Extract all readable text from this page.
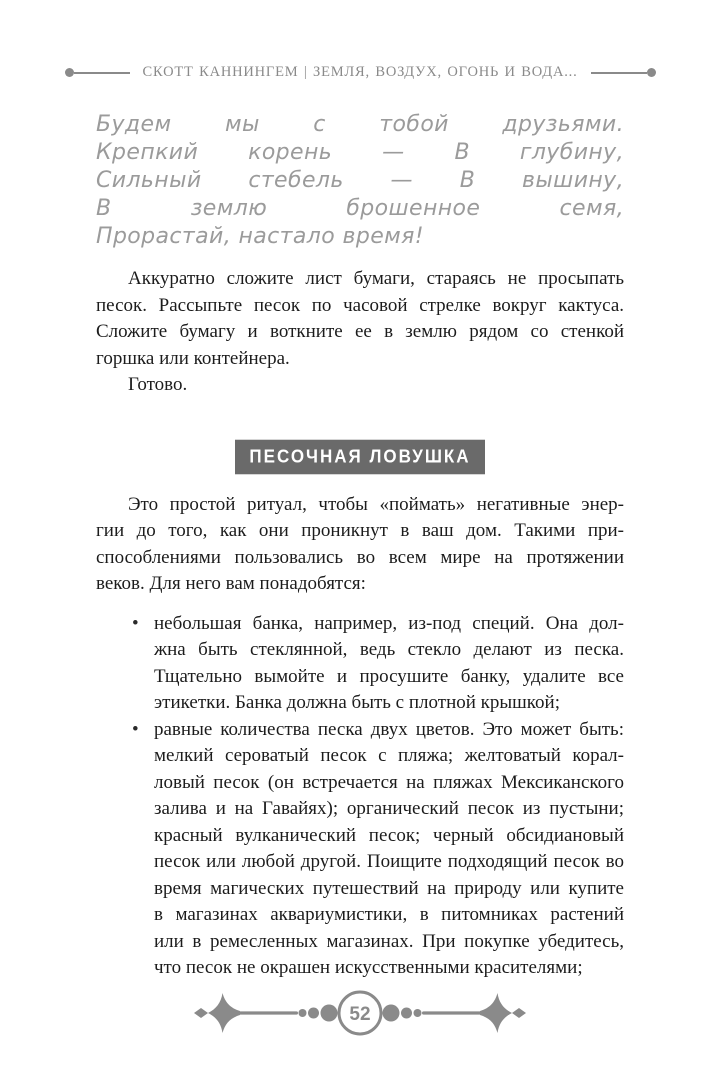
СКОТТ КАННИНГЕМ | ЗЕМЛЯ, ВОЗДУХ, ОГОНЬ И ВОДА...
Будем мы с тобой друзьями.
Крепкий корень — В глубину,
Сильный стебель — В вышину,
В землю брошенное семя,
Прорастай, настало время!
Аккуратно сложите лист бумаги, стараясь не просыпать
песок. Рассыпьте песок по часовой стрелке вокруг кактуса.
Сложите бумагу и воткните ее в землю рядом со стенкой
горшка или контейнера.
Готово.
ПЕСОЧНАЯ ЛОВУШКА
Это простой ритуал, чтобы «поймать» негативные энер-
гии до того, как они проникнут в ваш дом. Такими при-
способлениями пользовались во всем мире на протяжении
веков. Для него вам понадобятся:
• небольшая банка, например, из-под специй. Она дол-
жна быть стеклянной, ведь стекло делают из песка.
Тщательно вымойте и просушите банку, удалите все
этикетки. Банка должна быть с плотной крышкой;
• равные количества песка двух цветов. Это может быть:
мелкий сероватый песок с пляжа; желтоватый корал-
ловый песок (он встречается на пляжах Мексиканского
залива и на Гавайях); органический песок из пустыни;
красный вулканический песок; черный обсидиановый
песок или любой другой. Поищите подходящий песок во
время магических путешествий на природу или купите
в магазинах аквариумистики, в питомниках растений
или в ремесленных магазинах. При покупке убедитесь,
что песок не окрашен искусственными красителями;
52
